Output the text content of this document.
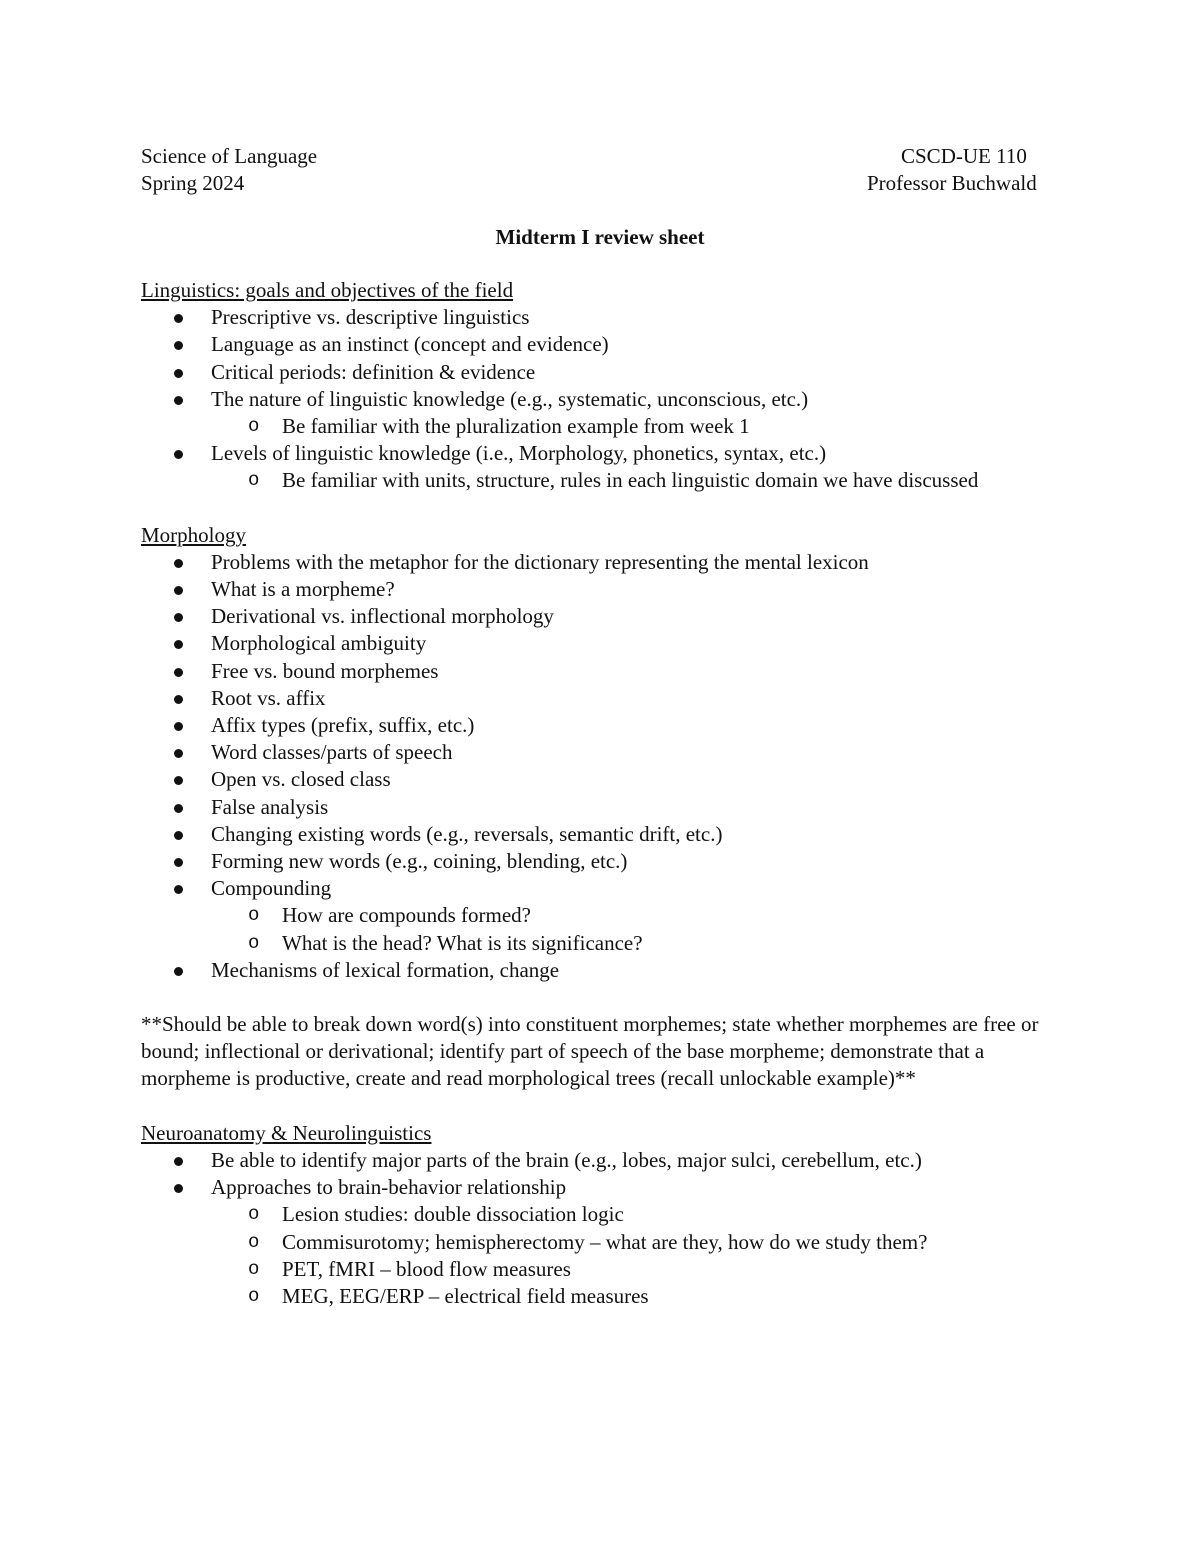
Science of Language	CSCD-UE 110
Spring 2024	Professor Buchwald
Midterm I review sheet

Linguistics: goals and objectives of the field

Prescriptive vs. descriptive linguistics
Language as an instinct (concept and evidence)
Critical periods: definition & evidence
The nature of linguistic knowledge (e.g., systematic, unconscious, etc.)
o Be familiar with the pluralization example from week 1
Levels of linguistic knowledge (i.e., Morphology, phonetics, syntax, etc.)
o Be familiar with units, structure, rules in each linguistic domain we have discussed

Morphology

Problems with the metaphor for the dictionary representing the mental lexicon
What is a morpheme?
Derivational vs. inflectional morphology
Morphological ambiguity
Free vs. bound morphemes
Root vs. affix
Affix types (prefix, suffix, etc.)
Word classes/parts of speech
Open vs. closed class
False analysis
Changing existing words (e.g., reversals, semantic drift, etc.)
Forming new words (e.g., coining, blending, etc.)
Compounding
o How are compounds formed?
o What is the head? What is its significance?
Mechanisms of lexical formation, change

**Should be able to break down word(s) into constituent morphemes; state whether morphemes are free or bound; inflectional or derivational; identify part of speech of the base morpheme; demonstrate that a morpheme is productive, create and read morphological trees (recall unlockable example)**

Neuroanatomy & Neurolinguistics

Be able to identify major parts of the brain (e.g., lobes, major sulci, cerebellum, etc.)
Approaches to brain-behavior relationship
o Lesion studies: double dissociation logic
o Commisurotomy; hemispherectomy – what are they, how do we study them?
o PET, fMRI – blood flow measures
o MEG, EEG/ERP – electrical field measures
